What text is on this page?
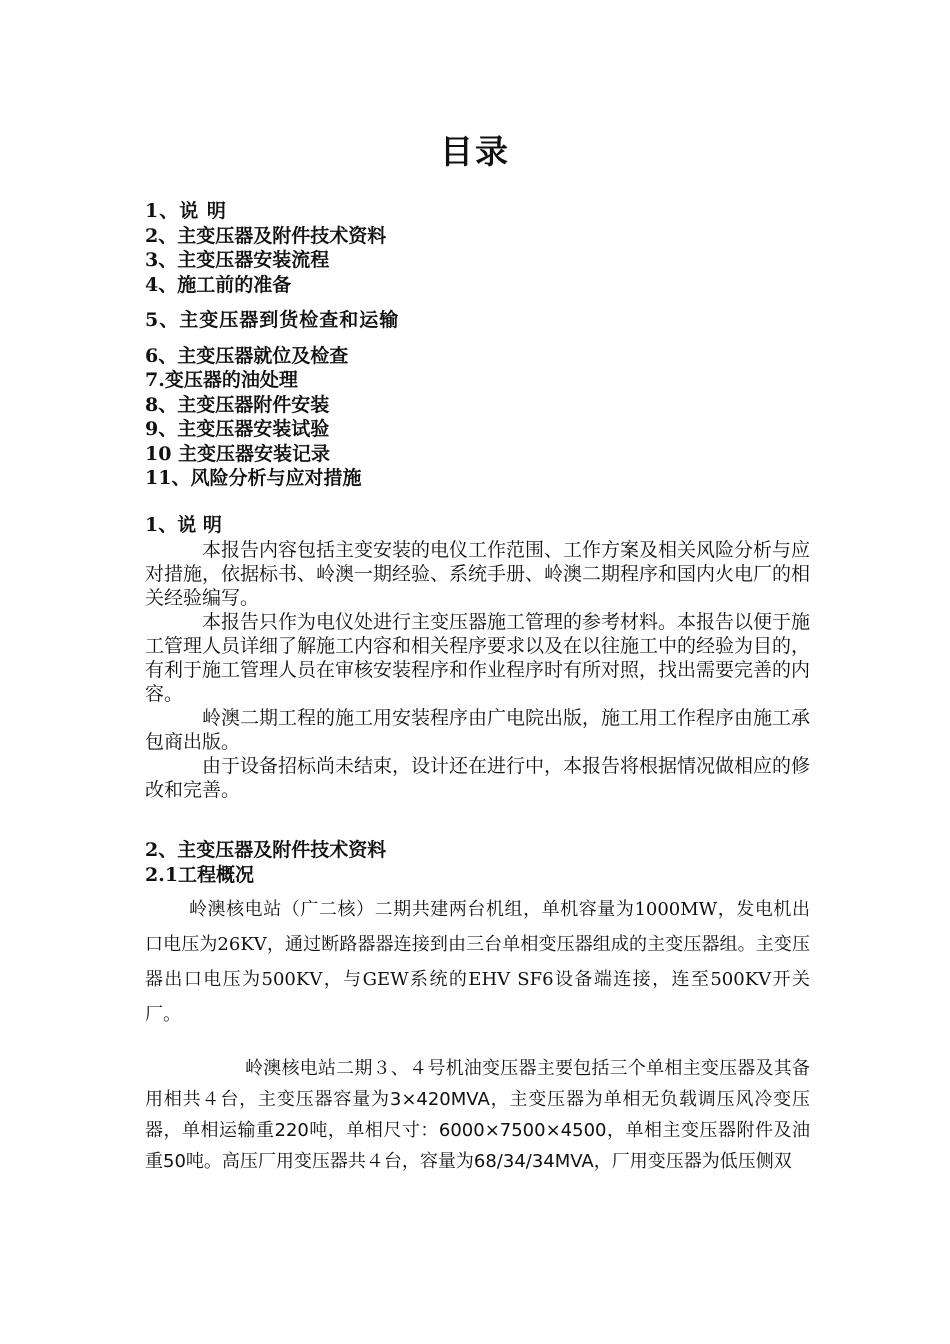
目录
1、说 明
2、主变压器及附件技术资料
3、主变压器安装流程
4、施工前的准备
5、主变压器到货检查和运输
6、主变压器就位及检查
7.变压器的油处理
8、主变压器附件安装
9、主变压器安装试验
10 主变压器安装记录
11、风险分析与应对措施
1、说 明

本报告内容包括主变安装的电仪工作范围、工作方案及相关风险分析与应对措施，依据标书、岭澳一期经验、系统手册、岭澳二期程序和国内火电厂的相关经验编写。

本报告只作为电仪处进行主变压器施工管理的参考材料。本报告以便于施工管理人员详细了解施工内容和相关程序要求以及在以往施工中的经验为目的，有利于施工管理人员在审核安装程序和作业程序时有所对照，找出需要完善的内容。

岭澳二期工程的施工用安装程序由广电院出版，施工用工作程序由施工承包商出版。

由于设备招标尚未结束，设计还在进行中，本报告将根据情况做相应的修改和完善。

2、主变压器及附件技术资料
2.1工程概况

岭澳核电站（广二核）二期共建两台机组，单机容量为1000MW，发电机出口电压为26KV，通过断路器器连接到由三台单相变压器组成的主变压器组。主变压器出口电压为500KV，与GEW系统的EHV SF6设备端连接，连至500KV开关厂。

岭澳核电站二期３、４号机油变压器主要包括三个单相主变压器及其备用相共４台，主变压器容量为3×420MVA，主变压器为单相无负载调压风冷变压器，单相运输重220吨，单相尺寸：6000×7500×4500，单相主变压器附件及油重50吨。高压厂用变压器共４台，容量为68/34/34MVA，厂用变压器为低压侧双
